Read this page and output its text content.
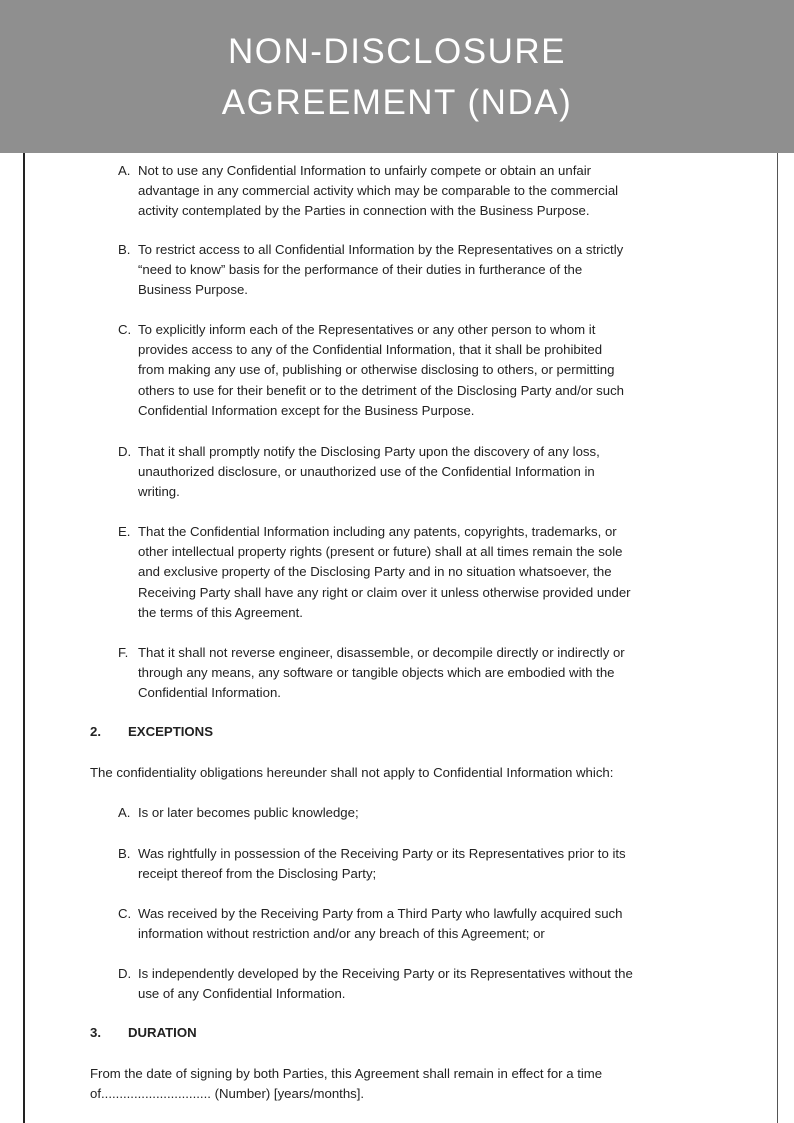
NON-DISCLOSURE
AGREEMENT (NDA)
A. Not to use any Confidential Information to unfairly compete or obtain an unfair
advantage in any commercial activity which may be comparable to the commercial
activity contemplated by the Parties in connection with the Business Purpose.
B. To restrict access to all Confidential Information by the Representatives on a strictly
“need to know” basis for the performance of their duties in furtherance of the
Business Purpose.
C. To explicitly inform each of the Representatives or any other person to whom it
provides access to any of the Confidential Information, that it shall be prohibited
from making any use of, publishing or otherwise disclosing to others, or permitting
others to use for their benefit or to the detriment of the Disclosing Party and/or such
Confidential Information except for the Business Purpose.
D. That it shall promptly notify the Disclosing Party upon the discovery of any loss,
unauthorized disclosure, or unauthorized use of the Confidential Information in
writing.
E. That the Confidential Information including any patents, copyrights, trademarks, or
other intellectual property rights (present or future) shall at all times remain the sole
and exclusive property of the Disclosing Party and in no situation whatsoever, the
Receiving Party shall have any right or claim over it unless otherwise provided under
the terms of this Agreement.
F. That it shall not reverse engineer, disassemble, or decompile directly or indirectly or
through any means, any software or tangible objects which are embodied with the
Confidential Information.
2. EXCEPTIONS
The confidentiality obligations hereunder shall not apply to Confidential Information which:
A. Is or later becomes public knowledge;
B. Was rightfully in possession of the Receiving Party or its Representatives prior to its
receipt thereof from the Disclosing Party;
C. Was received by the Receiving Party from a Third Party who lawfully acquired such
information without restriction and/or any breach of this Agreement; or
D. Is independently developed by the Receiving Party or its Representatives without the
use of any Confidential Information.
3. DURATION
From the date of signing by both Parties, this Agreement shall remain in effect for a time
of.............................. (Number) [years/months].
